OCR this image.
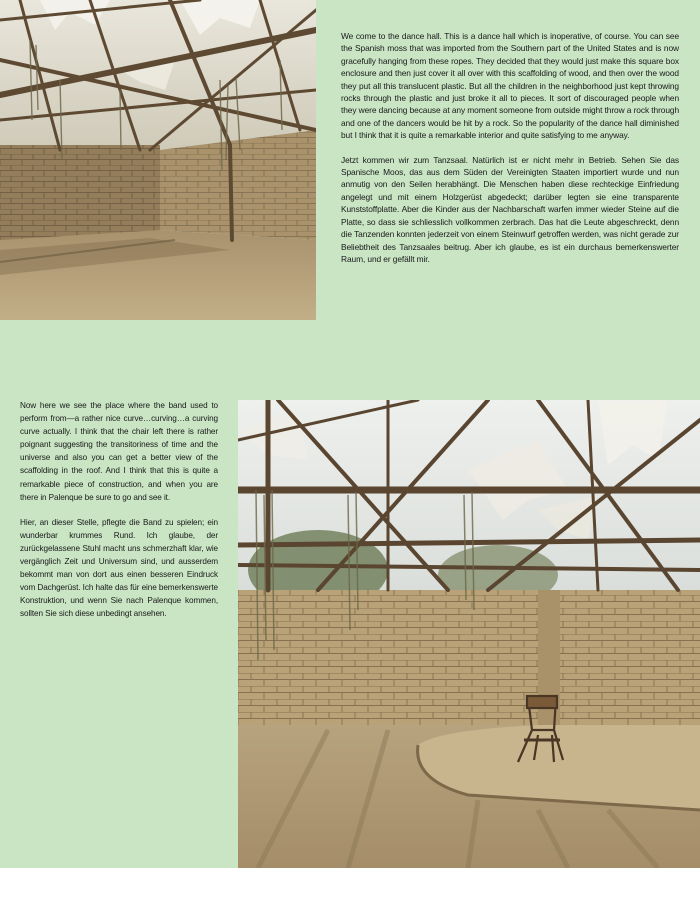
We come to the dance hall. This is a dance hall which is inoperative, of course. You can see the Spanish moss that was imported from the Southern part of the United States and is now gracefully hanging from these ropes. They decided that they would just make this square box enclosure and then just cover it all over with this scaffolding of wood, and then over the wood they put all this translucent plastic. But all the children in the neighborhood just kept throwing rocks through the plastic and just broke it all to pieces. It sort of discouraged people when they were dancing because at any moment someone from outside might throw a rock through and one of the dancers would be hit by a rock. So the popularity of the dance hall diminished but I think that it is quite a remarkable interior and quite satisfying to me anyway.

Jetzt kommen wir zum Tanzsaal. Natürlich ist er nicht mehr in Betrieb. Sehen Sie das Spanische Moos, das aus dem Süden der Vereinigten Staaten importiert wurde und nun anmutig von den Seilen herabhängt. Die Menschen haben diese rechteckige Einfriedung angelegt und mit einem Holzgerüst abgedeckt; darüber legten sie eine transparente Kunststoffplatte. Aber die Kinder aus der Nachbarschaft warfen immer wieder Steine auf die Platte, so dass sie schliesslich vollkommen zerbrach. Das hat die Leute abgeschreckt, denn die Tanzenden konnten jederzeit von einem Steinwurf getroffen werden, was nicht gerade zur Beliebtheit des Tanzsaales beitrug. Aber ich glaube, es ist ein durchaus bemerkenswerter Raum, und er gefällt mir.

Now here we see the place where the band used to perform from—a rather nice curve…curving…a curving curve actually. I think that the chair left there is rather poignant suggesting the transitoriness of time and the universe and also you can get a better view of the scaffolding in the roof. And I think that this is quite a remarkable piece of construction, and when you are there in Palenque be sure to go and see it.

Hier, an dieser Stelle, pflegte die Band zu spielen; ein wunderbar krummes Rund. Ich glaube, der zurückgelassene Stuhl macht uns schmerzhaft klar, wie vergänglich Zeit und Universum sind, und ausserdem bekommt man von dort aus einen besseren Eindruck vom Dachgerüst. Ich halte das für eine bemerkenswerte Konstruktion, und wenn Sie nach Palenque kommen, sollten Sie sich diese unbedingt ansehen.
